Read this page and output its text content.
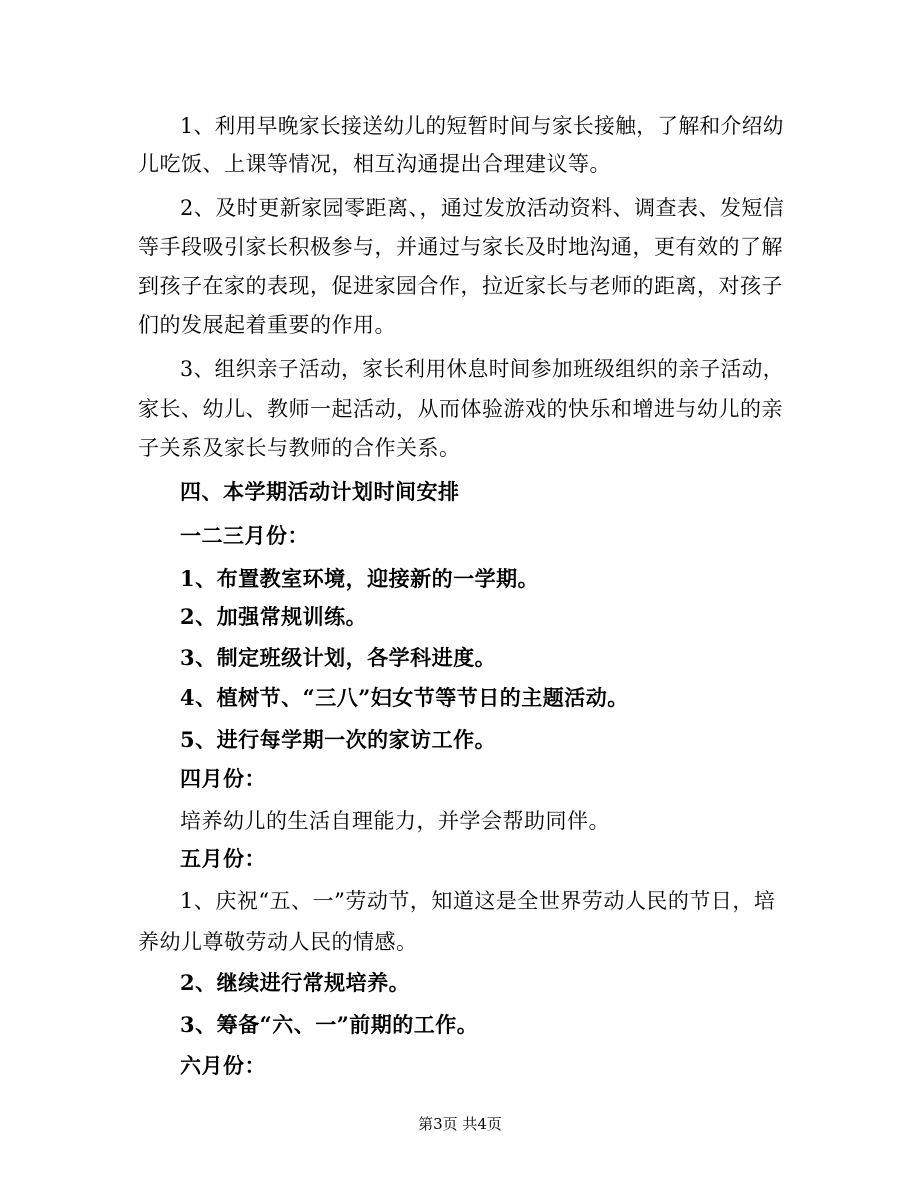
1、利用早晚家长接送幼儿的短暂时间与家长接触，了解和介绍幼
儿吃饭、上课等情况，相互沟通提出合理建议等。
2、及时更新家园零距离、，通过发放活动资料、调查表、发短信
等手段吸引家长积极参与，并通过与家长及时地沟通，更有效的了解
到孩子在家的表现，促进家园合作，拉近家长与老师的距离，对孩子
们的发展起着重要的作用。
3、组织亲子活动，家长利用休息时间参加班级组织的亲子活动，
家长、幼儿、教师一起活动，从而体验游戏的快乐和增进与幼儿的亲
子关系及家长与教师的合作关系。
四、本学期活动计划时间安排
一二三月份：
1、布置教室环境，迎接新的一学期。
2、加强常规训练。
3、制定班级计划，各学科进度。
4、植树节、“三八”妇女节等节日的主题活动。
5、进行每学期一次的家访工作。
四月份：
培养幼儿的生活自理能力，并学会帮助同伴。
五月份：
1、庆祝“五、一”劳动节，知道这是全世界劳动人民的节日，培
养幼儿尊敬劳动人民的情感。
2、继续进行常规培养。
3、筹备“六、一”前期的工作。
六月份：
第3页 共4页
